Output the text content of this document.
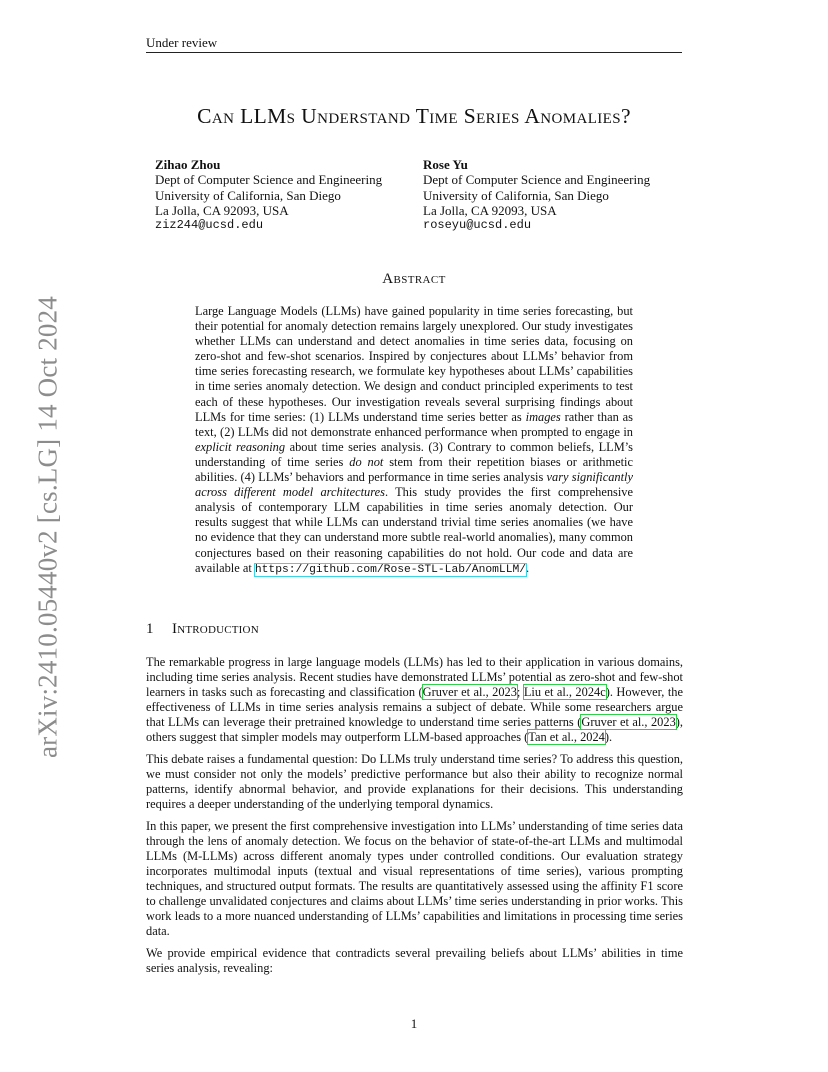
Under review
arXiv:2410.05440v2 [cs.LG] 14 Oct 2024
Can LLMs Understand Time Series Anomalies?
Zihao Zhou
Dept of Computer Science and Engineering
University of California, San Diego
La Jolla, CA 92093, USA
ziz244@ucsd.edu
Rose Yu
Dept of Computer Science and Engineering
University of California, San Diego
La Jolla, CA 92093, USA
roseyu@ucsd.edu
Abstract
Large Language Models (LLMs) have gained popularity in time series forecasting, but their potential for anomaly detection remains largely unexplored. Our study investigates whether LLMs can understand and detect anomalies in time series data, focusing on zero-shot and few-shot scenarios. Inspired by conjectures about LLMs’ behavior from time series forecasting research, we formulate key hypotheses about LLMs’ capabilities in time series anomaly detection. We design and conduct principled experiments to test each of these hypotheses. Our investigation reveals several surprising findings about LLMs for time series: (1) LLMs understand time series better as images rather than as text, (2) LLMs did not demonstrate enhanced performance when prompted to engage in explicit reasoning about time series analysis. (3) Contrary to common beliefs, LLM’s understanding of time series do not stem from their repetition biases or arithmetic abilities. (4) LLMs’ behaviors and performance in time series analysis vary significantly across different model architectures. This study provides the first comprehensive analysis of contemporary LLM capabilities in time series anomaly detection. Our results suggest that while LLMs can understand trivial time series anomalies (we have no evidence that they can understand more subtle real-world anomalies), many common conjectures based on their reasoning capabilities do not hold. Our code and data are available at https://github.com/Rose-STL-Lab/AnomLLM/.
1 Introduction

The remarkable progress in large language models (LLMs) has led to their application in various domains, including time series analysis. Recent studies have demonstrated LLMs’ potential as zero-shot and few-shot learners in tasks such as forecasting and classification (Gruver et al., 2023; Liu et al., 2024c). However, the effectiveness of LLMs in time series analysis remains a subject of debate. While some researchers argue that LLMs can leverage their pretrained knowledge to understand time series patterns (Gruver et al., 2023), others suggest that simpler models may outperform LLM-based approaches (Tan et al., 2024).

This debate raises a fundamental question: Do LLMs truly understand time series? To address this question, we must consider not only the models’ predictive performance but also their ability to recognize normal patterns, identify abnormal behavior, and provide explanations for their decisions. This understanding requires a deeper understanding of the underlying temporal dynamics.

In this paper, we present the first comprehensive investigation into LLMs’ understanding of time series data through the lens of anomaly detection. We focus on the behavior of state-of-the-art LLMs and multimodal LLMs (M-LLMs) across different anomaly types under controlled conditions. Our evaluation strategy incorporates multimodal inputs (textual and visual representations of time series), various prompting techniques, and structured output formats. The results are quantitatively assessed using the affinity F1 score to challenge unvalidated conjectures and claims about LLMs’ time series understanding in prior works. This work leads to a more nuanced understanding of LLMs’ capabilities and limitations in processing time series data.

We provide empirical evidence that contradicts several prevailing beliefs about LLMs’ abilities in time series analysis, revealing:

1
